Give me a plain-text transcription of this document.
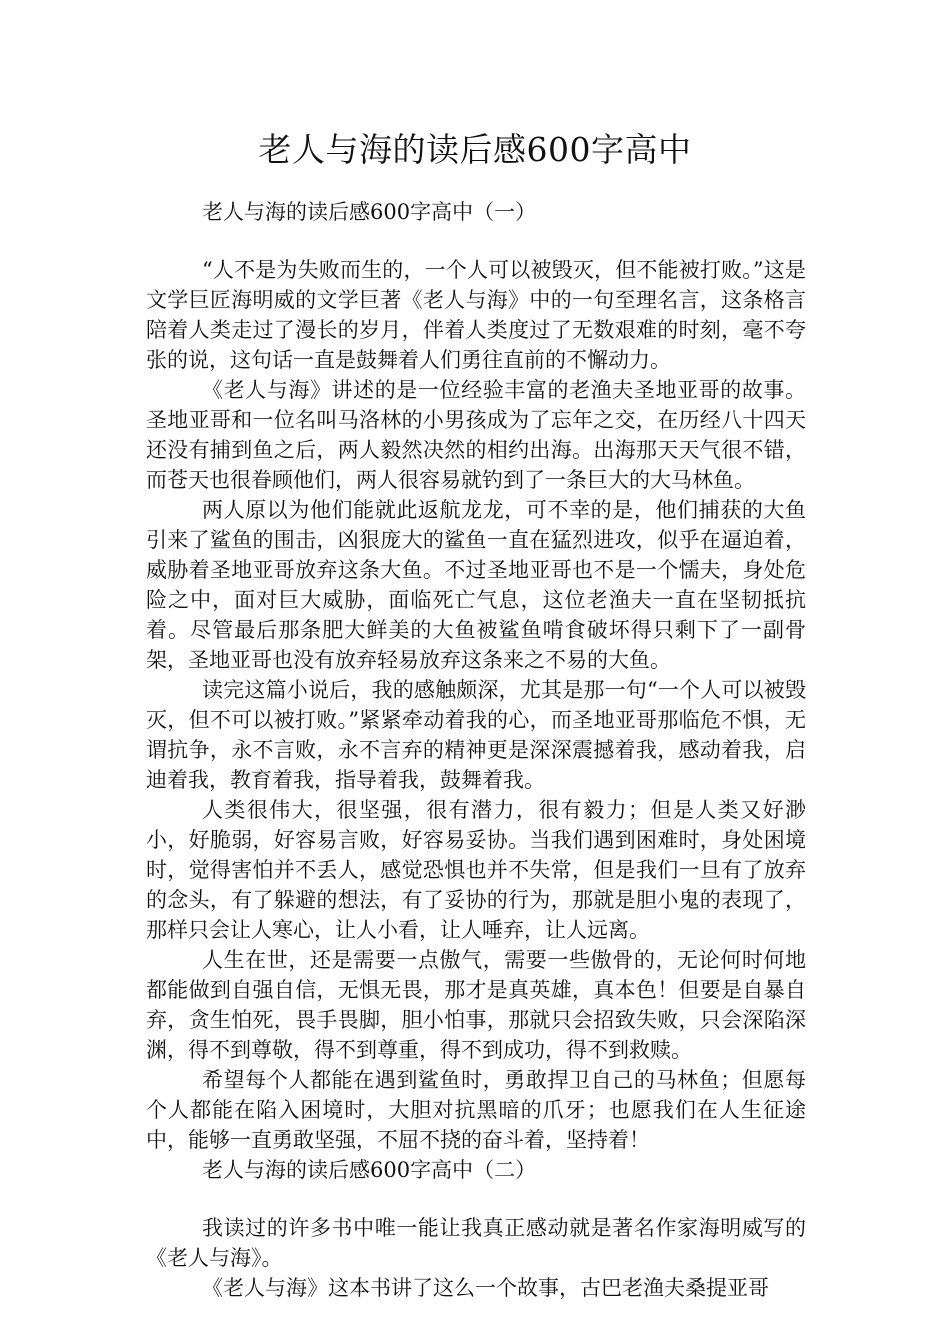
老人与海的读后感600字高中
老人与海的读后感600字高中（一）

“人不是为失败而生的，一个人可以被毁灭，但不能被打败。”这是文学巨匠海明威的文学巨著《老人与海》中的一句至理名言，这条格言陪着人类走过了漫长的岁月，伴着人类度过了无数艰难的时刻，毫不夸张的说，这句话一直是鼓舞着人们勇往直前的不懈动力。

《老人与海》讲述的是一位经验丰富的老渔夫圣地亚哥的故事。圣地亚哥和一位名叫马洛林的小男孩成为了忘年之交，在历经八十四天还没有捕到鱼之后，两人毅然决然的相约出海。出海那天天气很不错，而苍天也很眷顾他们，两人很容易就钓到了一条巨大的大马林鱼。

两人原以为他们能就此返航龙龙，可不幸的是，他们捕获的大鱼引来了鲨鱼的围击，凶狠庞大的鲨鱼一直在猛烈进攻，似乎在逼迫着，威胁着圣地亚哥放弃这条大鱼。不过圣地亚哥也不是一个懦夫，身处危险之中，面对巨大威胁，面临死亡气息，这位老渔夫一直在坚韧抵抗着。尽管最后那条肥大鲜美的大鱼被鲨鱼啃食破坏得只剩下了一副骨架，圣地亚哥也没有放弃轻易放弃这条来之不易的大鱼。

读完这篇小说后，我的感触颇深，尤其是那一句“一个人可以被毁灭，但不可以被打败。”紧紧牵动着我的心，而圣地亚哥那临危不惧，无谓抗争，永不言败，永不言弃的精神更是深深震撼着我，感动着我，启迪着我，教育着我，指导着我，鼓舞着我。

人类很伟大，很坚强，很有潜力，很有毅力；但是人类又好渺小，好脆弱，好容易言败，好容易妥协。当我们遇到困难时，身处困境时，觉得害怕并不丢人，感觉恐惧也并不失常，但是我们一旦有了放弃的念头，有了躲避的想法，有了妥协的行为，那就是胆小鬼的表现了，那样只会让人寒心，让人小看，让人唾弃，让人远离。

人生在世，还是需要一点傲气，需要一些傲骨的，无论何时何地都能做到自强自信，无惧无畏，那才是真英雄，真本色！但要是自暴自弃，贪生怕死，畏手畏脚，胆小怕事，那就只会招致失败，只会深陷深渊，得不到尊敬，得不到尊重，得不到成功，得不到救赎。

希望每个人都能在遇到鲨鱼时，勇敢捍卫自己的马林鱼；但愿每个人都能在陷入困境时，大胆对抗黑暗的爪牙；也愿我们在人生征途中，能够一直勇敢坚强，不屈不挠的奋斗着，坚持着！

老人与海的读后感600字高中（二）

我读过的许多书中唯一能让我真正感动就是著名作家海明威写的《老人与海》。

《老人与海》这本书讲了这么一个故事，古巴老渔夫桑提亚哥
